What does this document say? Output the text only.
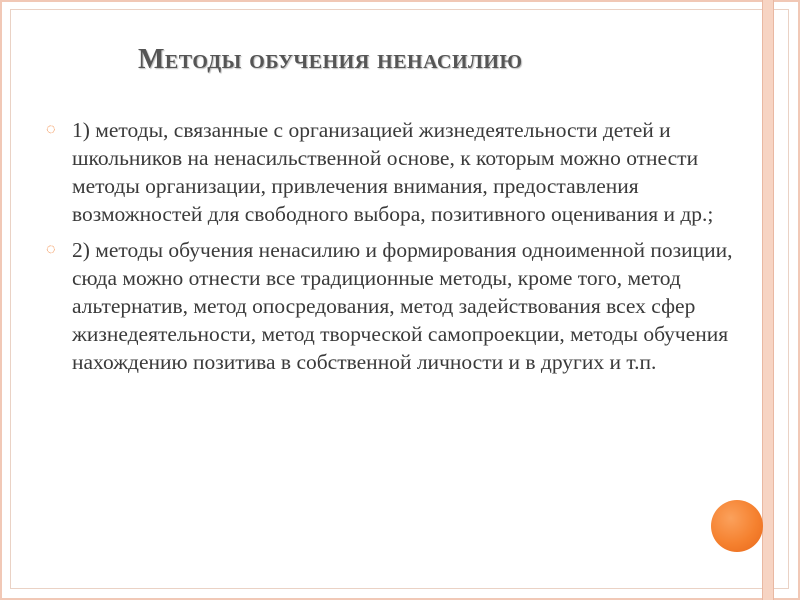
Методы обучения ненасилию
◌ 1) методы, связанные с организацией жизнедеятельности детей и школьников на ненасильственной основе, к которым можно отнести методы организации, привлечения внимания, предоставления возможностей для свободного выбора, позитивного оценивания и др.;
◌ 2) методы обучения ненасилию и формирования одноименной позиции, сюда можно отнести все традиционные методы, кроме того, метод альтернатив, метод опосредования, метод задействования всех сфер жизнедеятельности, метод творческой самопроекции, методы обучения нахождению позитива в собственной личности и в других и т.п.
